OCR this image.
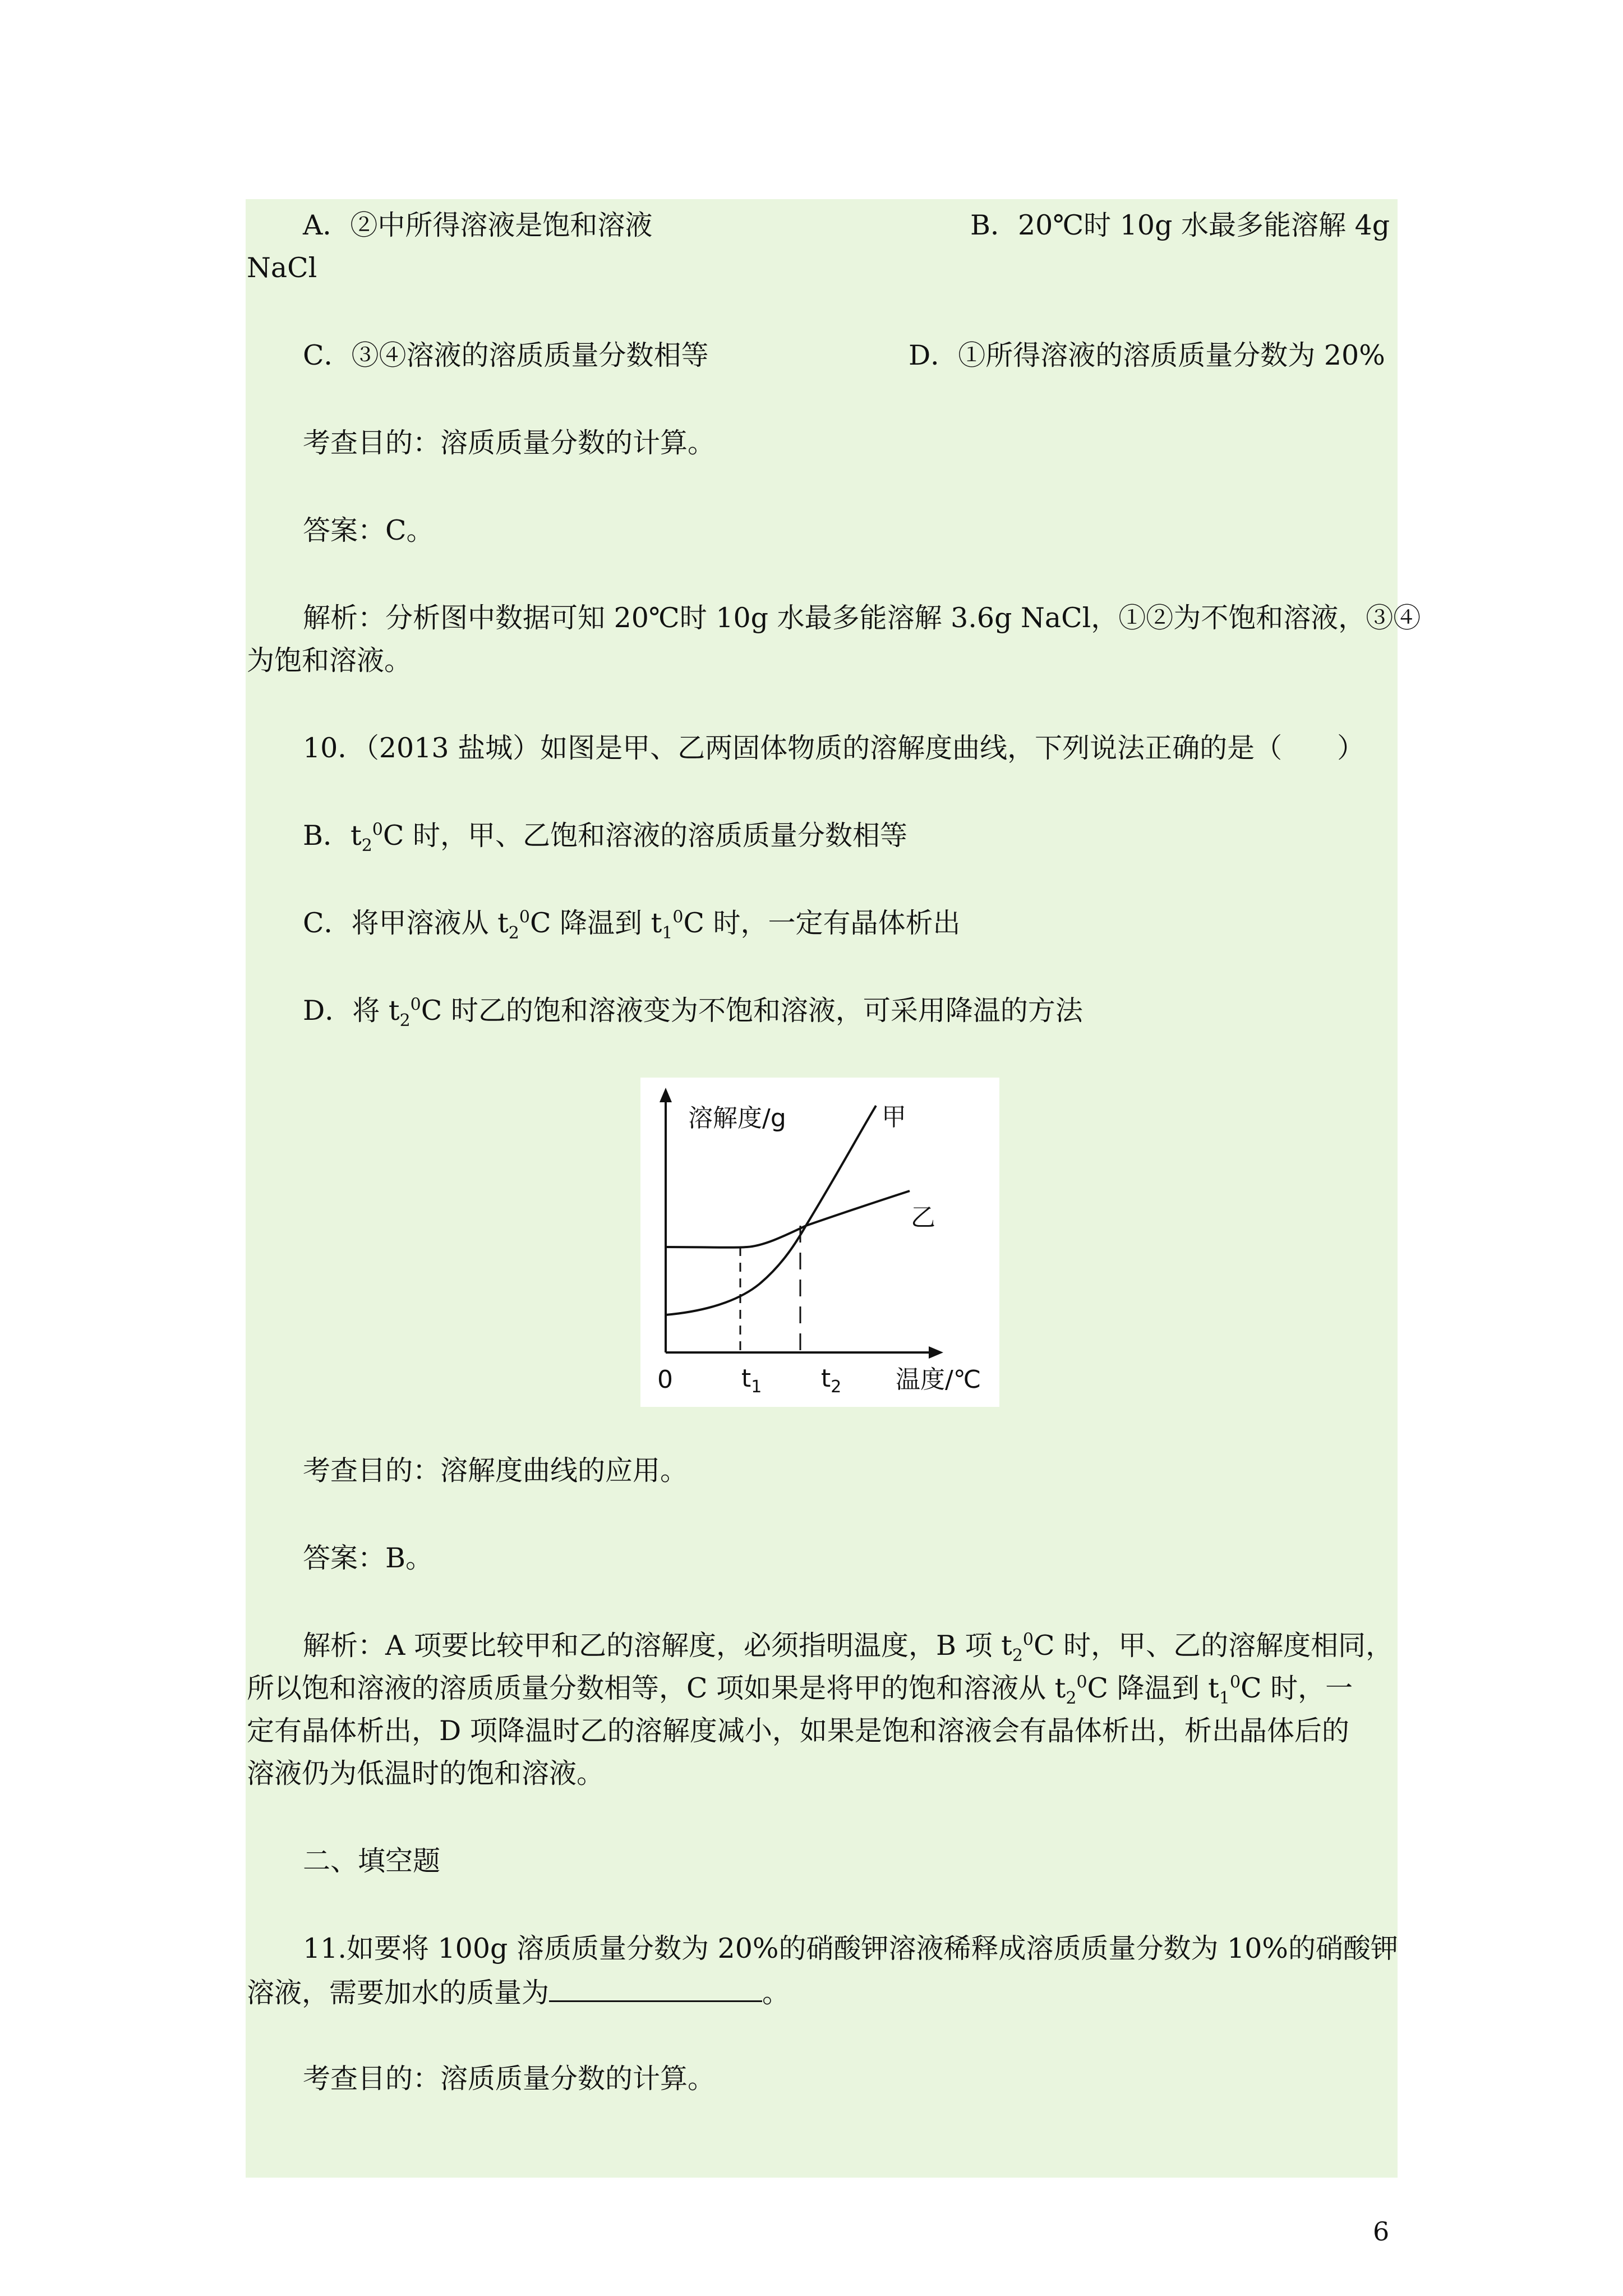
A．②中所得溶液是饱和溶液	B．20℃时 10g 水最多能溶解 4g
NaCl
C．③④溶液的溶质质量分数相等	D．①所得溶液的溶质质量分数为 20%
考查目的：溶质质量分数的计算。
答案：C。
解析：分析图中数据可知 20℃时 10g 水最多能溶解 3.6g NaCl，①②为不饱和溶液，③④
为饱和溶液。
10．（2013 盐城）如图是甲、乙两固体物质的溶解度曲线，下列说法正确的是（　　）
B．$t_2^0C$ 时，甲、乙饱和溶液的溶质质量分数相等
C．将甲溶液从 $t_2^0C$ 降温到 $t_1^0C$ 时，一定有晶体析出
D．将 $t_2^0C$ 时乙的饱和溶液变为不饱和溶液，可采用降温的方法
溶解度/g	甲
乙
0	$t_1$ $t_2$ 温度/℃
考查目的：溶解度曲线的应用。
答案：B。
解析：A 项要比较甲和乙的溶解度，必须指明温度，B 项 $t_2^0C$ 时，甲、乙的溶解度相同，
所以饱和溶液的溶质质量分数相等，C 项如果是将甲的饱和溶液从 $t_2^0C$ 降温到 $t_1^0C$ 时，一
定有晶体析出，D 项降温时乙的溶解度减小，如果是饱和溶液会有晶体析出，析出晶体后的
溶液仍为低温时的饱和溶液。
二、填空题
11.如要将 100g 溶质质量分数为 20%的硝酸钾溶液稀释成溶质质量分数为 10%的硝酸钾
溶液，需要加水的质量为	。
考查目的：溶质质量分数的计算。
6
